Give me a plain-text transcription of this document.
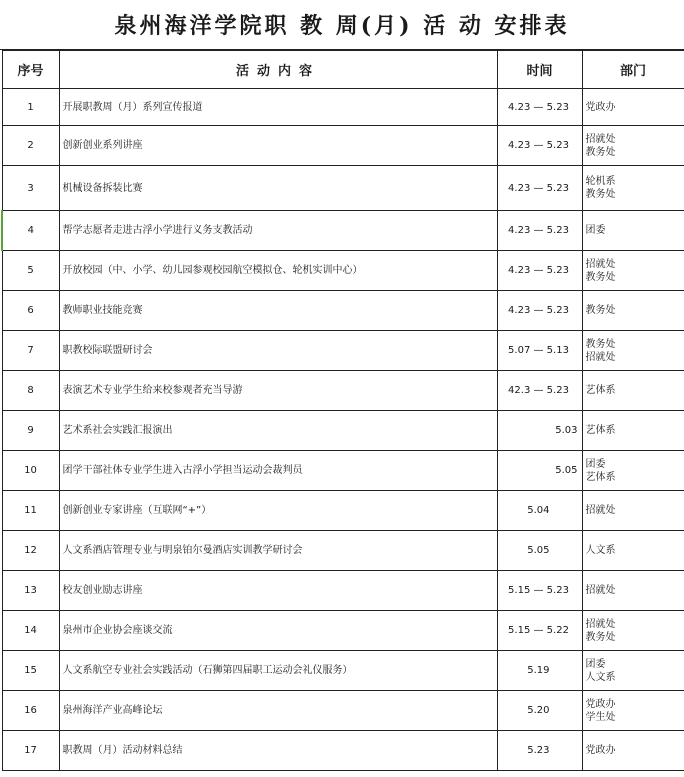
泉州海洋学院职 教 周(月) 活 动 安排表
序号	活动内容	时间	部门
1	开展职教周（月）系列宣传报道	4.23 — 5.23	党政办

2	创新创业系列讲座	4.23 — 5.23	招就处
教务处

3	机械设备拆装比赛	4.23 — 5.23	轮机系
教务处

4	帮学志愿者走进古浮小学进行义务支教活动	4.23 — 5.23	团委

5	开放校园（中、小学、幼儿园参观校园航空模拟仓、轮机实训中心）	4.23 — 5.23	招就处
教务处

6	教师职业技能竞赛	4.23 — 5.23	教务处

7	职教校际联盟研讨会	5.07 — 5.13	教务处
招就处

8	表演艺术专业学生给来校参观者充当导游	42.3 — 5.23	艺体系

9	艺术系社会实践汇报演出	5.03	艺体系

10	团学干部社体专业学生进入古浮小学担当运动会裁判员	5.05	团委
艺体系

11	创新创业专家讲座（互联网“+”）	5.04	招就处

12	人文系酒店管理专业与明泉铂尔曼酒店实训教学研讨会	5.05	人文系

13	校友创业励志讲座	5.15 — 5.23	招就处

14	泉州市企业协会座谈交流	5.15 — 5.22	招就处
教务处

15	人文系航空专业社会实践活动（石狮第四届职工运动会礼仪服务）	5.19	团委
人文系

16	泉州海洋产业高峰论坛	5.20	党政办
学生处

17	职教周（月）活动材料总结	5.23	党政办
